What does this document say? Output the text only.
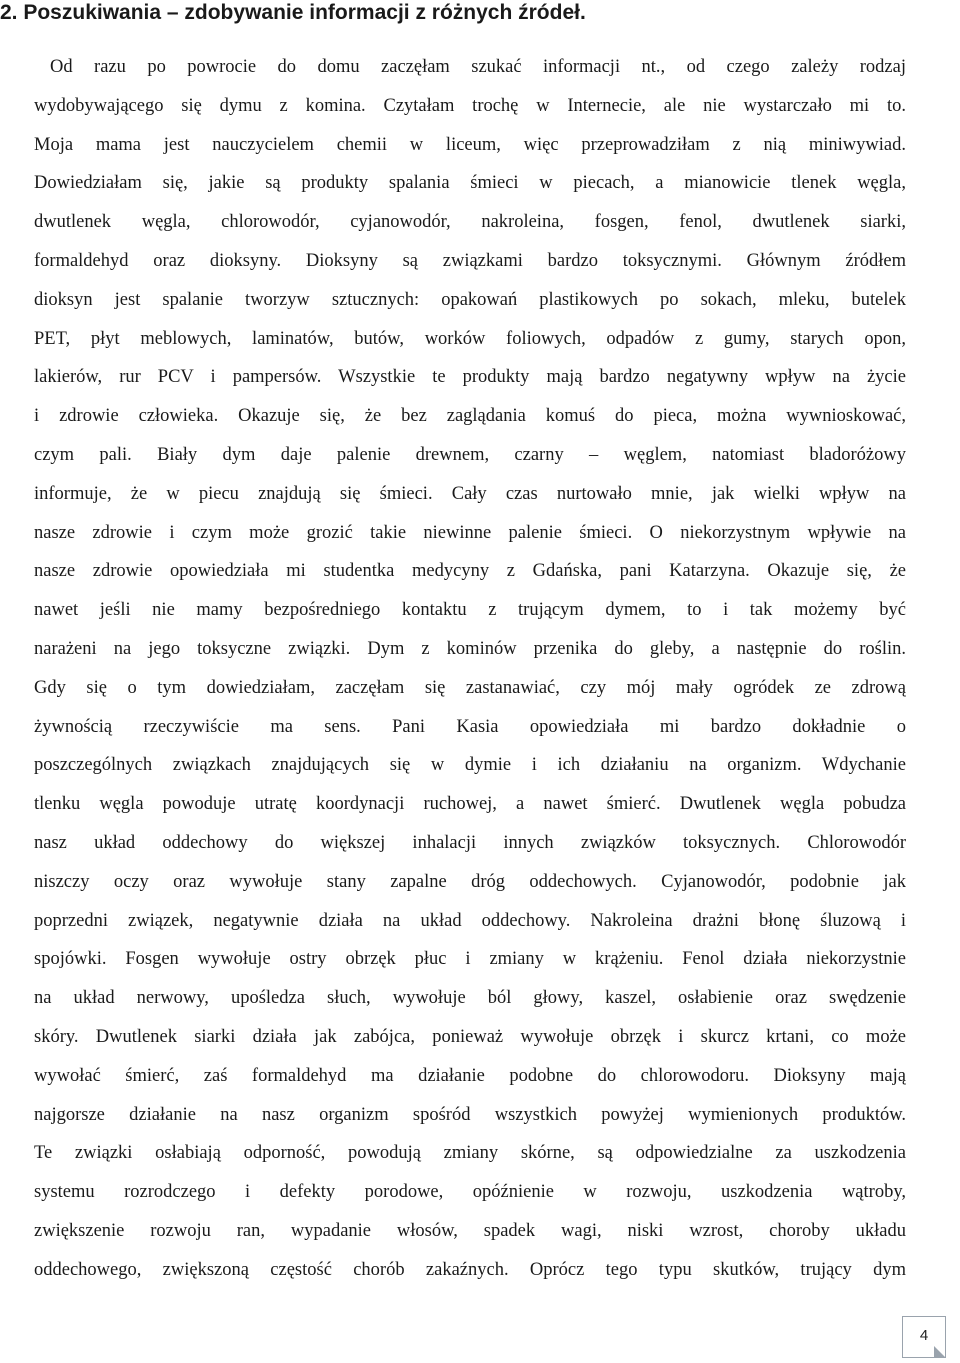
2. Poszukiwania – zdobywanie informacji z różnych źródeł.
Od razu po powrocie do domu zaczęłam szukać informacji nt., od czego zależy rodzaj
wydobywającego się dymu z komina. Czytałam trochę w Internecie, ale nie wystarczało mi to.
Moja mama jest nauczycielem chemii w liceum, więc przeprowadziłam z nią miniwywiad.
Dowiedziałam się, jakie są produkty spalania śmieci w piecach, a mianowicie tlenek węgla,
dwutlenek węgla, chlorowodór, cyjanowodór, nakroleina, fosgen, fenol, dwutlenek siarki,
formaldehyd oraz dioksyny. Dioksyny są związkami bardzo toksycznymi. Głównym źródłem
dioksyn jest spalanie tworzyw sztucznych: opakowań plastikowych po sokach, mleku, butelek
PET, płyt meblowych, laminatów, butów, worków foliowych, odpadów z gumy, starych opon,
lakierów, rur PCV i pampersów. Wszystkie te produkty mają bardzo negatywny wpływ na życie
i zdrowie człowieka. Okazuje się, że bez zaglądania komuś do pieca, można wywnioskować,
czym pali. Biały dym daje palenie drewnem, czarny – węglem, natomiast bladoróżowy
informuje, że w piecu znajdują się śmieci. Cały czas nurtowało mnie, jak wielki wpływ na
nasze zdrowie i czym może grozić takie niewinne palenie śmieci. O niekorzystnym wpływie na
nasze zdrowie opowiedziała mi studentka medycyny z Gdańska, pani Katarzyna. Okazuje się, że
nawet jeśli nie mamy bezpośredniego kontaktu z trującym dymem, to i tak możemy być
narażeni na jego toksyczne związki. Dym z kominów przenika do gleby, a następnie do roślin.
Gdy się o tym dowiedziałam, zaczęłam się zastanawiać, czy mój mały ogródek ze zdrową
żywnością rzeczywiście ma sens. Pani Kasia opowiedziała mi bardzo dokładnie o
poszczególnych związkach znajdujących się w dymie i ich działaniu na organizm. Wdychanie
tlenku węgla powoduje utratę koordynacji ruchowej, a nawet śmierć. Dwutlenek węgla pobudza
nasz układ oddechowy do większej inhalacji innych związków toksycznych. Chlorowodór
niszczy oczy oraz wywołuje stany zapalne dróg oddechowych. Cyjanowodór, podobnie jak
poprzedni związek, negatywnie działa na układ oddechowy. Nakroleina drażni błonę śluzową i
spojówki. Fosgen wywołuje ostry obrzęk płuc i zmiany w krążeniu. Fenol działa niekorzystnie
na układ nerwowy, upośledza słuch, wywołuje ból głowy, kaszel, osłabienie oraz swędzenie
skóry. Dwutlenek siarki działa jak zabójca, ponieważ wywołuje obrzęk i skurcz krtani, co może
wywołać śmierć, zaś formaldehyd ma działanie podobne do chlorowodoru. Dioksyny mają
najgorsze działanie na nasz organizm spośród wszystkich powyżej wymienionych produktów.
Te związki osłabiają odporność, powodują zmiany skórne, są odpowiedzialne za uszkodzenia
systemu rozrodczego i defekty porodowe, opóźnienie w rozwoju, uszkodzenia wątroby,
zwiększenie rozwoju ran, wypadanie włosów, spadek wagi, niski wzrost, choroby układu
oddechowego, zwiększoną częstość chorób zakaźnych. Oprócz tego typu skutków, trujący dym
4
